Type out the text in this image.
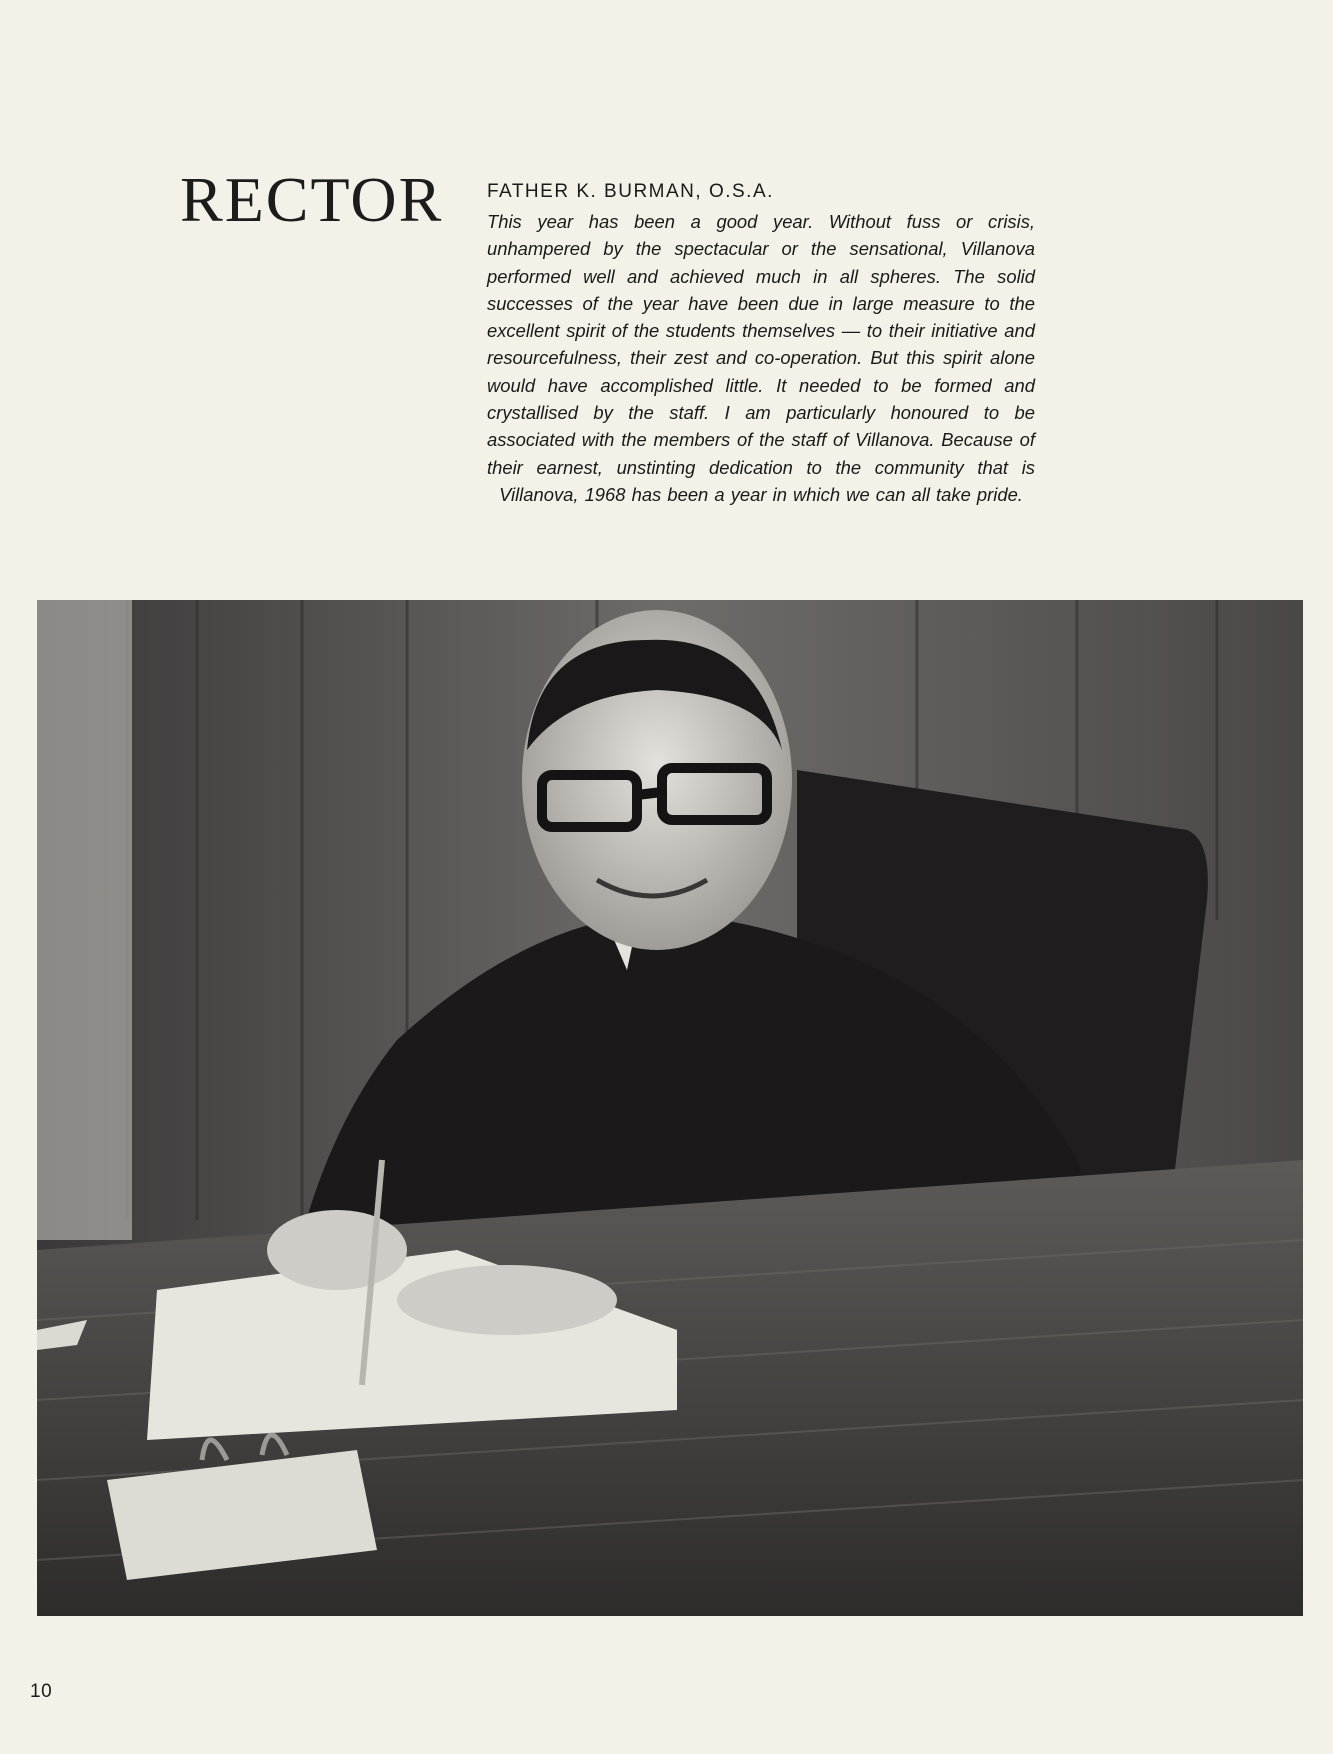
RECTOR FATHER K. BURMAN, O.S.A.

This year has been a good year. Without fuss or crisis, unhampered by the spectacular or the sensational, Villanova performed well and achieved much in all spheres. The solid successes of the year have been due in large measure to the excellent spirit of the students themselves — to their initiative and resourcefulness, their zest and co-operation. But this spirit alone would have accomplished little. It needed to be formed and crystallised by the staff. I am particularly honoured to be associated with the members of the staff of Villanova. Because of their earnest, unstinting dedication to the community that is Villanova, 1968 has been a year in which we can all take pride.

10
